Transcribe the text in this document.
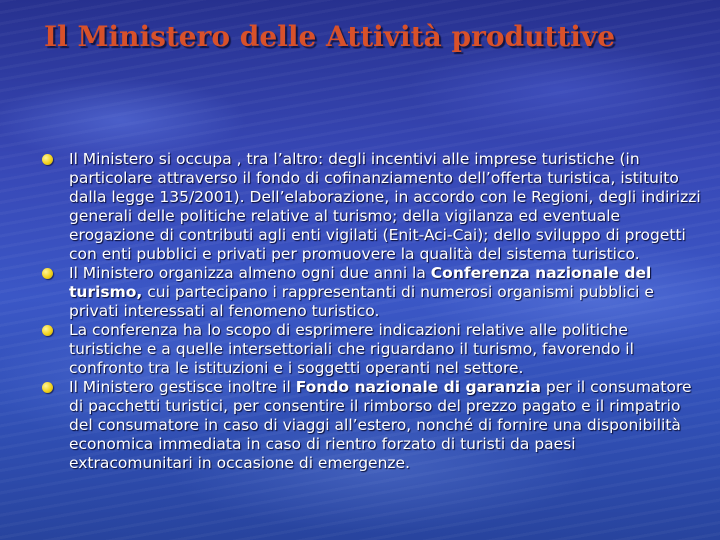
Il Ministero delle Attività produttive
Il Ministero si occupa , tra l’altro: degli incentivi alle imprese turistiche (in particolare attraverso il fondo di cofinanziamento dell’offerta turistica, istituito dalla legge 135/2001). Dell’elaborazione, in accordo con le Regioni, degli indirizzi generali delle politiche relative al turismo; della vigilanza ed eventuale erogazione di contributi agli enti vigilati (Enit-Aci-Cai); dello sviluppo di progetti con enti pubblici e privati per promuovere la qualità del sistema turistico.
Il Ministero organizza almeno ogni due anni la Conferenza nazionale del turismo, cui partecipano i rappresentanti di numerosi organismi pubblici e privati interessati al fenomeno turistico.
La conferenza ha lo scopo di esprimere indicazioni relative alle politiche turistiche e a quelle intersettoriali che riguardano il turismo, favorendo il confronto tra le istituzioni e i soggetti operanti nel settore.
Il Ministero gestisce inoltre il Fondo nazionale di garanzia per il consumatore di pacchetti turistici, per consentire il rimborso del prezzo pagato e il rimpatrio del consumatore in caso di viaggi all’estero, nonché di fornire una disponibilità economica immediata in caso di rientro forzato di turisti da paesi extracomunitari in occasione di emergenze.
